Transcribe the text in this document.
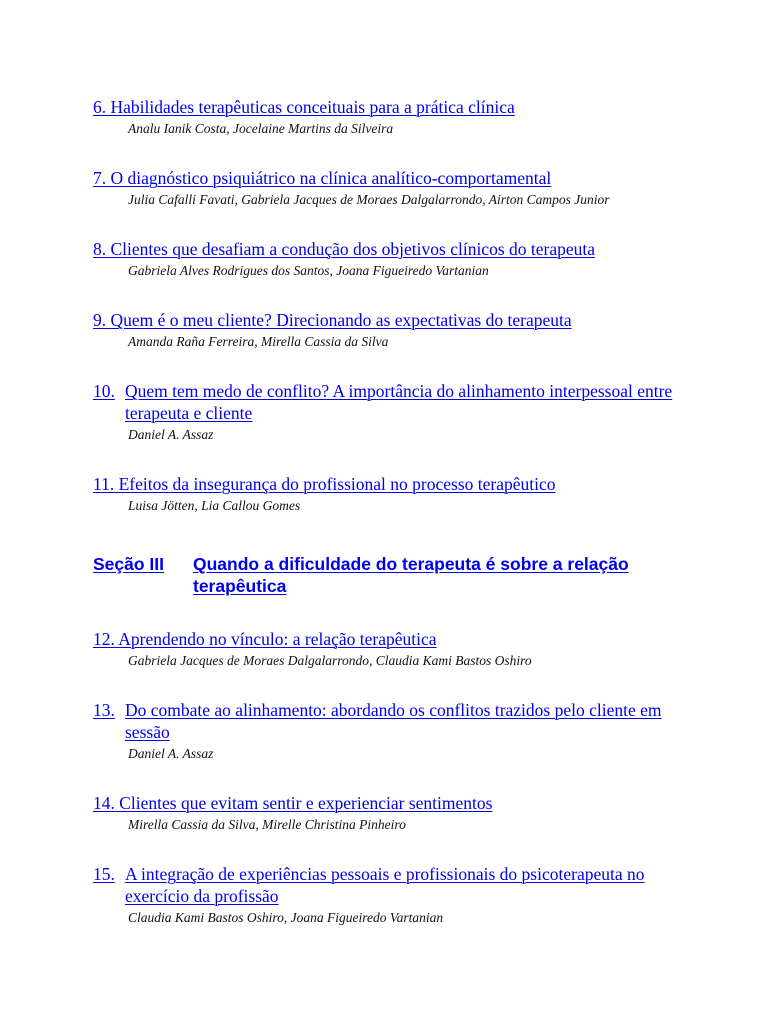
6. Habilidades terapêuticas conceituais para a prática clínica
Analu Ianik Costa, Jocelaine Martins da Silveira
7. O diagnóstico psiquiátrico na clínica analítico-comportamental
Julia Cafalli Favati, Gabriela Jacques de Moraes Dalgalarrondo, Airton Campos Junior
8. Clientes que desafiam a condução dos objetivos clínicos do terapeuta
Gabriela Alves Rodrigues dos Santos, Joana Figueiredo Vartanian
9. Quem é o meu cliente? Direcionando as expectativas do terapeuta
Amanda Raña Ferreira, Mirella Cassia da Silva
10. Quem tem medo de conflito? A importância do alinhamento interpessoal entre terapeuta e cliente
Daniel A. Assaz
11. Efeitos da insegurança do profissional no processo terapêutico
Luisa Jötten, Lia Callou Gomes
Seção III	Quando a dificuldade do terapeuta é sobre a relação terapêutica
12. Aprendendo no vínculo: a relação terapêutica
Gabriela Jacques de Moraes Dalgalarrondo, Claudia Kami Bastos Oshiro
13. Do combate ao alinhamento: abordando os conflitos trazidos pelo cliente em sessão
Daniel A. Assaz
14. Clientes que evitam sentir e experienciar sentimentos
Mirella Cassia da Silva, Mirelle Christina Pinheiro
15. A integração de experiências pessoais e profissionais do psicoterapeuta no exercício da profissão
Claudia Kami Bastos Oshiro, Joana Figueiredo Vartanian
